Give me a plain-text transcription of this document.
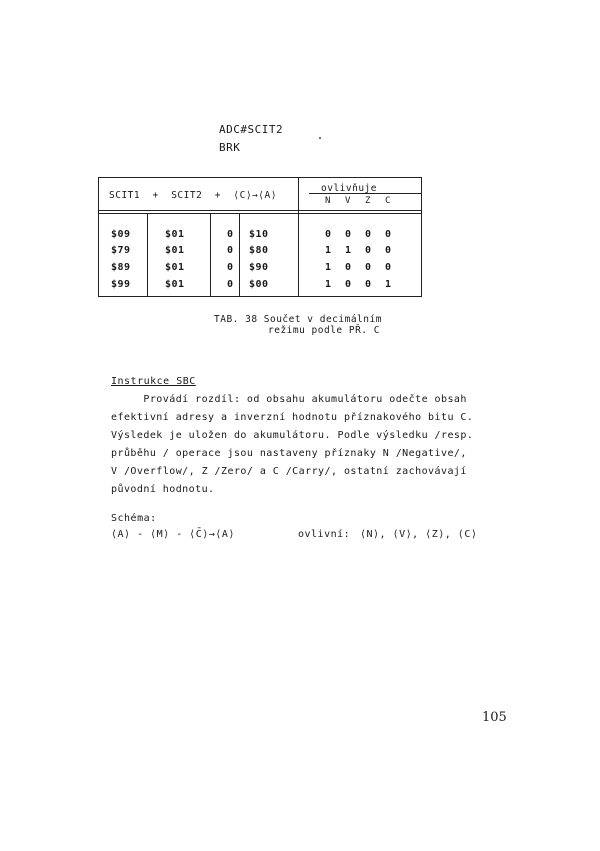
ADC#SCIT2
BRK
SCIT1  +  SCIT2  +  ⟨C⟩→⟨A⟩
ovlivňuje
N V Z C
$09	$01	0 $10	0 0 0 0
$79	$01	0 $80	1 1 0 0
$89	$01	0 $90	1 0 0 0
$99	$01	0 $00	1 0 0 1
TAB. 38 Součet v decimálním
režimu podle PŘ. C
Instrukce SBC
Provádí rozdíl: od obsahu akumulátoru odečte obsah
efektivní adresy a inverzní hodnotu příznakového bitu C.
Výsledek je uložen do akumulátoru. Podle výsledku /resp.
průběhu / operace jsou nastaveny příznaky N /Negative/,
V /Overflow/, Z /Zero/ a C /Carry/, ostatní zachovávají
původní hodnotu.
Schéma:
⟨A⟩ - ⟨M⟩ - ⟨C̄⟩→⟨A⟩	ovlivní: ⟨N⟩, ⟨V⟩, ⟨Z⟩, ⟨C⟩
105
